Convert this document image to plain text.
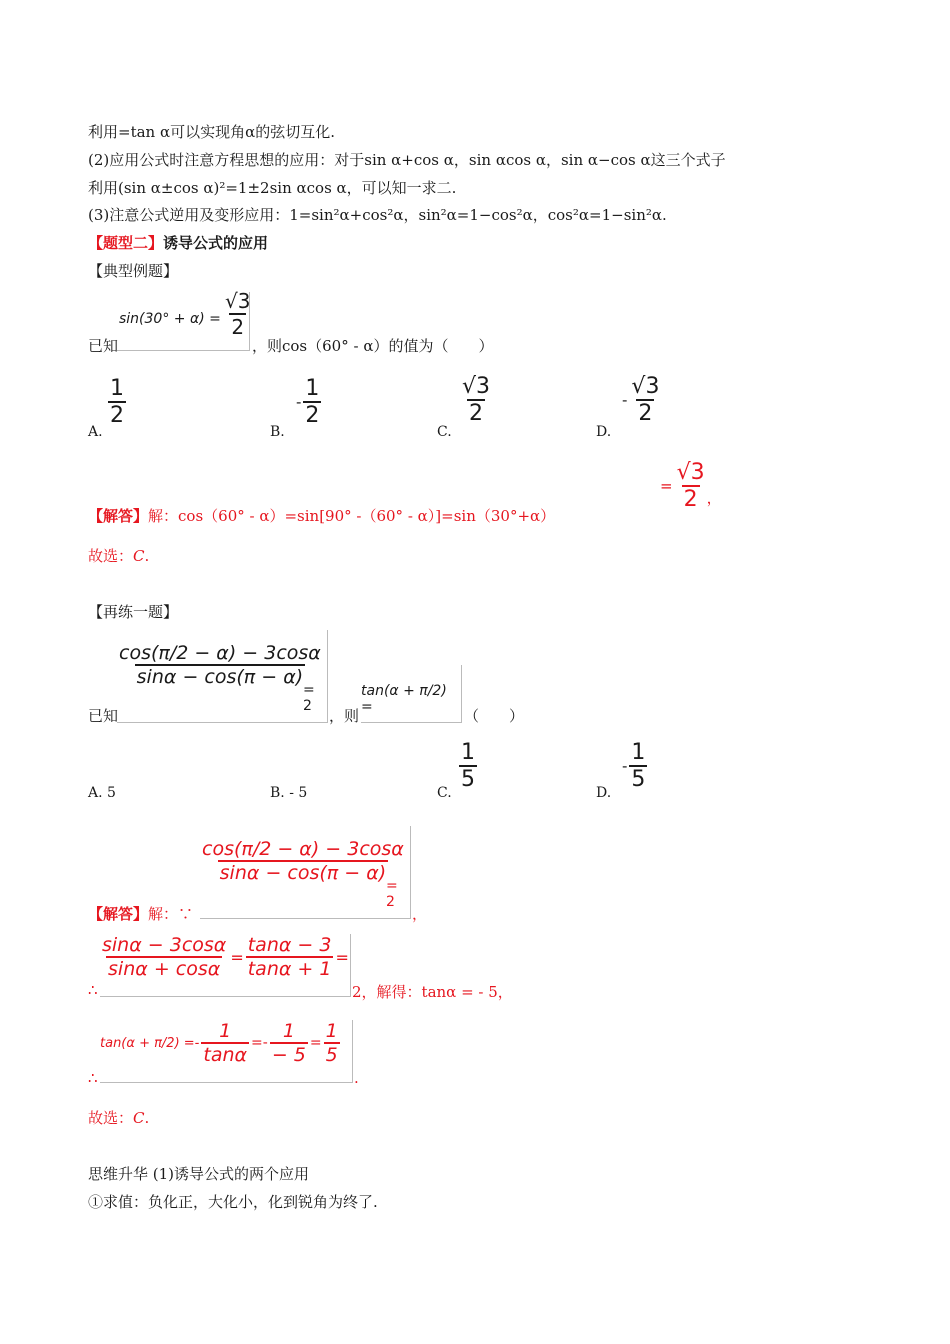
利用=tan α可以实现角α的弦切互化.
(2)应用公式时注意方程思想的应用：对于sin α+cos α，sin αcos α，sin α−cos α这三个式子
利用(sin α±cos α)²=1±2sin αcos α，可以知一求二.
(3)注意公式逆用及变形应用：1=sin²α+cos²α，sin²α=1−cos²α，cos²α=1−sin²α.
【题型二】诱导公式的应用
【典型例题】
已知
$\sin(30^\circ + \alpha) = \frac{√3}{2}$
，则cos（60° - α）的值为（　　）
A.
$\frac{1}{2}$
B.
- $\frac{1}{2}$
C.
$\frac{√3}{2}$
D.
- $\frac{√3}{2}$
【解答】解：cos（60° - α）=sin[90° -（60° - α）]=sin（30°+α）
= $\frac{√3}{2}$ ，
故选：C.
【再练一题】
已知
$\frac{\cos(\pi/2 - \alpha) - 3\cos\alpha}{\sin\alpha - \cos(\pi - \alpha)}$
= 2
，则
tan(α + π/2) =	（　　）
A. 5	B. - 5	C.
$\frac{1}{5}$
D.
- $\frac{1}{5}$
【解答】解：∵
$\frac{\cos(\pi/2 - \alpha) - 3\cos\alpha}{\sin\alpha - \cos(\pi - \alpha)}$
= 2
，
∴
$\frac{\sin\alpha - 3\cos\alpha}{\sin\alpha + \cos\alpha} = \frac{\tan\alpha - 3}{\tan\alpha + 1}$ =
2，解得：tanα = - 5，
∴
$\tan(\alpha + \pi/2) =- \frac{1}{\tan\alpha} =- \frac{1}{- 5} = \frac{1}{5}$
.
故选：C.
思维升华 (1)诱导公式的两个应用
①求值：负化正，大化小，化到锐角为终了.
